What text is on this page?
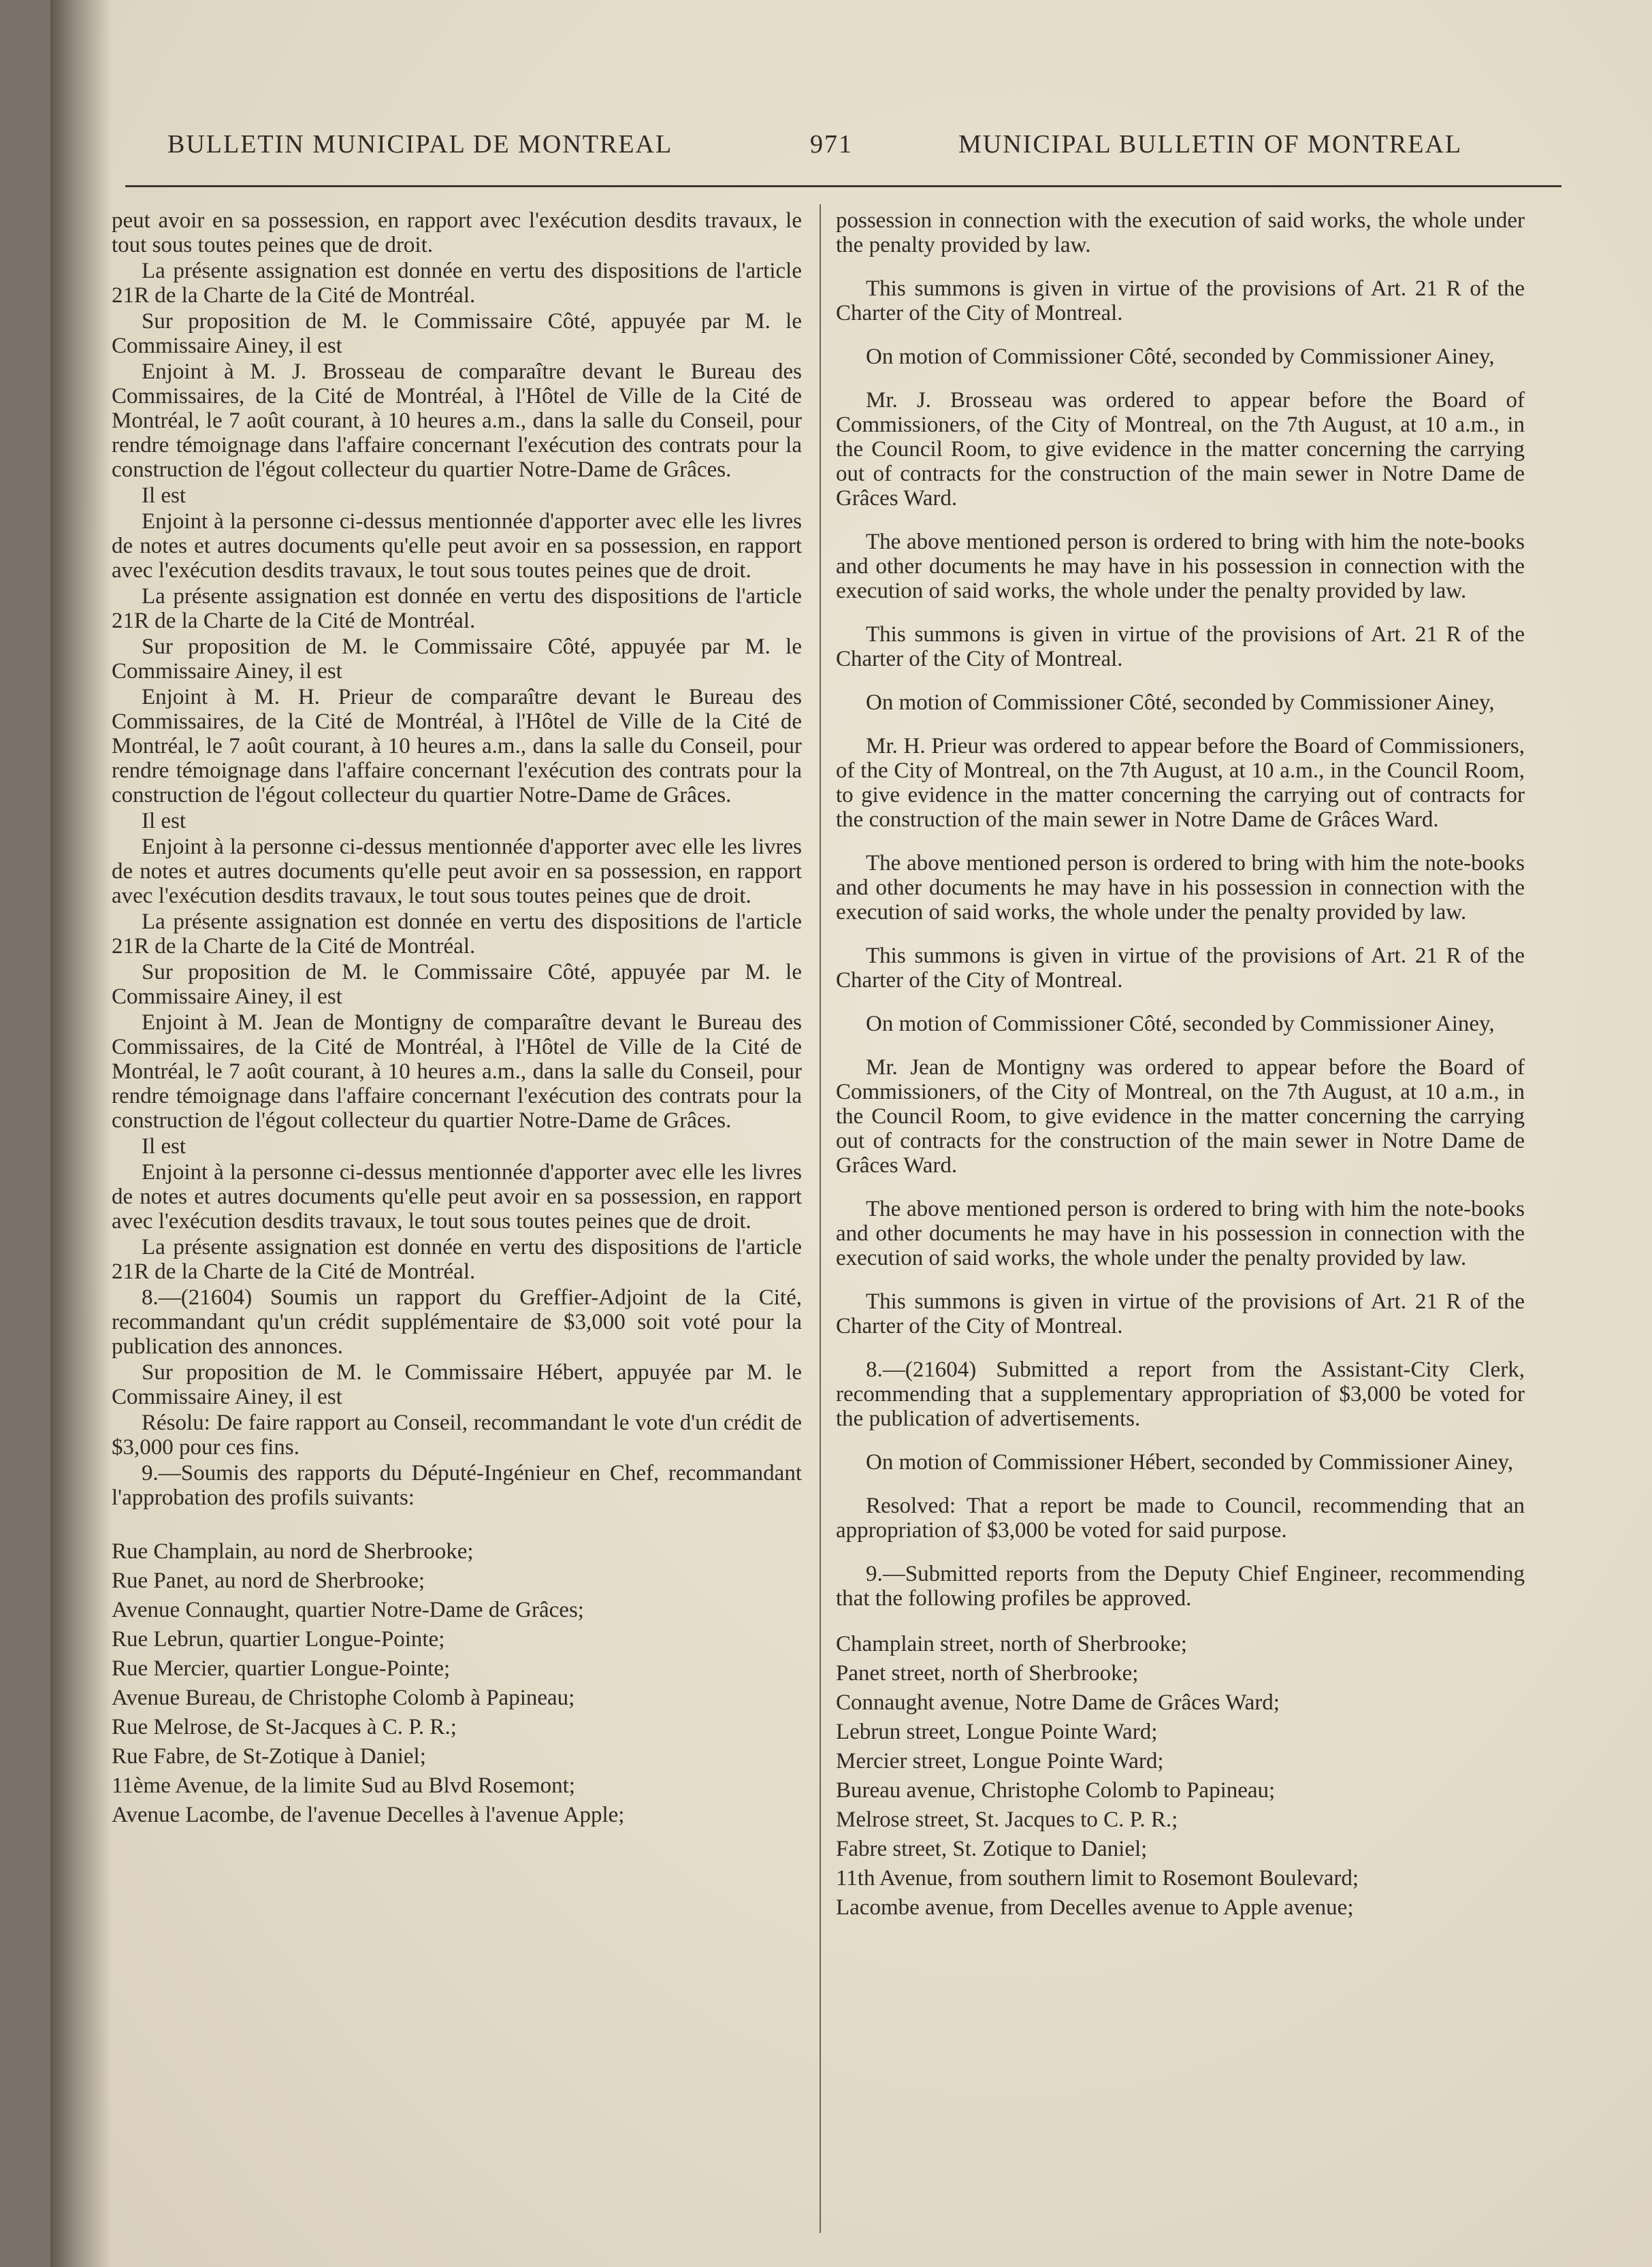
BULLETIN MUNICIPAL DE MONTREAL	971	MUNICIPAL BULLETIN OF MONTREAL

peut avoir en sa possession, en rapport avec l'exécution desdits travaux, le tout sous toutes peines que de droit.

La présente assignation est donnée en vertu des dispositions de l'article 21R de la Charte de la Cité de Montréal.

Sur proposition de M. le Commissaire Côté, appuyée par M. le Commissaire Ainey, il est

Enjoint à M. J. Brosseau de comparaître devant le Bureau des Commissaires, de la Cité de Montréal, à l'Hôtel de Ville de la Cité de Montréal, le 7 août courant, à 10 heures a.m., dans la salle du Conseil, pour rendre témoignage dans l'affaire concernant l'exécution des contrats pour la construction de l'égout collecteur du quartier Notre-Dame de Grâces.

Il est

Enjoint à la personne ci-dessus mentionnée d'apporter avec elle les livres de notes et autres documents qu'elle peut avoir en sa possession, en rapport avec l'exécution desdits travaux, le tout sous toutes peines que de droit.

La présente assignation est donnée en vertu des dispositions de l'article 21R de la Charte de la Cité de Montréal.

Sur proposition de M. le Commissaire Côté, appuyée par M. le Commissaire Ainey, il est

Enjoint à M. H. Prieur de comparaître devant le Bureau des Commissaires, de la Cité de Montréal, à l'Hôtel de Ville de la Cité de Montréal, le 7 août courant, à 10 heures a.m., dans la salle du Conseil, pour rendre témoignage dans l'affaire concernant l'exécution des contrats pour la construction de l'égout collecteur du quartier Notre-Dame de Grâces.

Il est

Enjoint à la personne ci-dessus mentionnée d'apporter avec elle les livres de notes et autres documents qu'elle peut avoir en sa possession, en rapport avec l'exécution desdits travaux, le tout sous toutes peines que de droit.

La présente assignation est donnée en vertu des dispositions de l'article 21R de la Charte de la Cité de Montréal.

Sur proposition de M. le Commissaire Côté, appuyée par M. le Commissaire Ainey, il est

Enjoint à M. Jean de Montigny de comparaître devant le Bureau des Commissaires, de la Cité de Montréal, à l'Hôtel de Ville de la Cité de Montréal, le 7 août courant, à 10 heures a.m., dans la salle du Conseil, pour rendre témoignage dans l'affaire concernant l'exécution des contrats pour la construction de l'égout collecteur du quartier Notre-Dame de Grâces.

Il est

Enjoint à la personne ci-dessus mentionnée d'apporter avec elle les livres de notes et autres documents qu'elle peut avoir en sa possession, en rapport avec l'exécution desdits travaux, le tout sous toutes peines que de droit.

La présente assignation est donnée en vertu des dispositions de l'article 21R de la Charte de la Cité de Montréal.

8.—(21604) Soumis un rapport du Greffier-Adjoint de la Cité, recommandant qu'un crédit supplémentaire de $3,000 soit voté pour la publication des annonces.

Sur proposition de M. le Commissaire Hébert, appuyée par M. le Commissaire Ainey, il est

Résolu: De faire rapport au Conseil, recommandant le vote d'un crédit de $3,000 pour ces fins.

9.—Soumis des rapports du Député-Ingénieur en Chef, recommandant l'approbation des profils suivants:

Rue Champlain, au nord de Sherbrooke;
Rue Panet, au nord de Sherbrooke;
Avenue Connaught, quartier Notre-Dame de Grâces;
Rue Lebrun, quartier Longue-Pointe;
Rue Mercier, quartier Longue-Pointe;
Avenue Bureau, de Christophe Colomb à Papineau;
Rue Melrose, de St-Jacques à C. P. R.;
Rue Fabre, de St-Zotique à Daniel;
11ème Avenue, de la limite Sud au Blvd Rosemont;
Avenue Lacombe, de l'avenue Decelles à l'avenue Apple;

possession in connection with the execution of said works, the whole under the penalty provided by law.

This summons is given in virtue of the provisions of Art. 21 R of the Charter of the City of Montreal.

On motion of Commissioner Côté, seconded by Commissioner Ainey,

Mr. J. Brosseau was ordered to appear before the Board of Commissioners, of the City of Montreal, on the 7th August, at 10 a.m., in the Council Room, to give evidence in the matter concerning the carrying out of contracts for the construction of the main sewer in Notre Dame de Grâces Ward.

The above mentioned person is ordered to bring with him the note-books and other documents he may have in his possession in connection with the execution of said works, the whole under the penalty provided by law.

This summons is given in virtue of the provisions of Art. 21 R of the Charter of the City of Montreal.

On motion of Commissioner Côté, seconded by Commissioner Ainey,

Mr. H. Prieur was ordered to appear before the Board of Commissioners, of the City of Montreal, on the 7th August, at 10 a.m., in the Council Room, to give evidence in the matter concerning the carrying out of contracts for the construction of the main sewer in Notre Dame de Grâces Ward.

The above mentioned person is ordered to bring with him the note-books and other documents he may have in his possession in connection with the execution of said works, the whole under the penalty provided by law.

This summons is given in virtue of the provisions of Art. 21 R of the Charter of the City of Montreal.

On motion of Commissioner Côté, seconded by Commissioner Ainey,

Mr. Jean de Montigny was ordered to appear before the Board of Commissioners, of the City of Montreal, on the 7th August, at 10 a.m., in the Council Room, to give evidence in the matter concerning the carrying out of contracts for the construction of the main sewer in Notre Dame de Grâces Ward.

The above mentioned person is ordered to bring with him the note-books and other documents he may have in his possession in connection with the execution of said works, the whole under the penalty provided by law.

This summons is given in virtue of the provisions of Art. 21 R of the Charter of the City of Montreal.

8.—(21604) Submitted a report from the Assistant-City Clerk, recommending that a supplementary appropriation of $3,000 be voted for the publication of advertisements.

On motion of Commissioner Hébert, seconded by Commissioner Ainey,

Resolved: That a report be made to Council, recommending that an appropriation of $3,000 be voted for said purpose.

9.—Submitted reports from the Deputy Chief Engineer, recommending that the following profiles be approved.

Champlain street, north of Sherbrooke;
Panet street, north of Sherbrooke;
Connaught avenue, Notre Dame de Grâces Ward;
Lebrun street, Longue Pointe Ward;
Mercier street, Longue Pointe Ward;
Bureau avenue, Christophe Colomb to Papineau;
Melrose street, St. Jacques to C. P. R.;
Fabre street, St. Zotique to Daniel;
11th Avenue, from southern limit to Rosemont Boulevard;
Lacombe avenue, from Decelles avenue to Apple avenue;
